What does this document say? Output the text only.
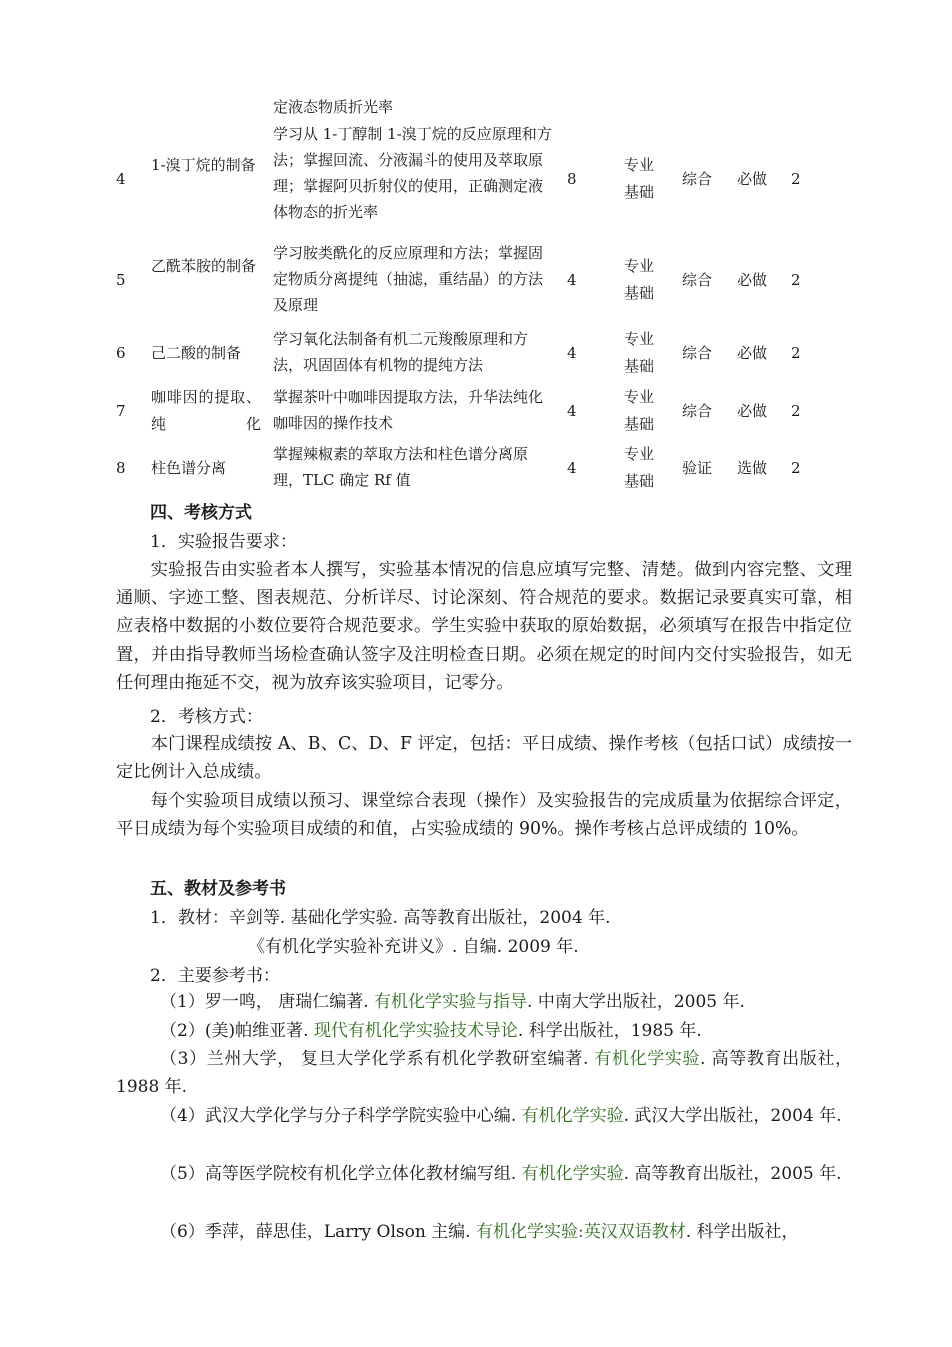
定液态物质折光率
4
1-溴丁烷的制备
学习从 1-丁醇制 1-溴丁烷的反应原理和方法；掌握回流、分液漏斗的使用及萃取原理；掌握阿贝折射仪的使用，正确测定液体物态的折光率
8
专业基础
综合 必做 2
5
乙酰苯胺的制备
学习胺类酰化的反应原理和方法；掌握固定物质分离提纯（抽滤，重结晶）的方法及原理
4
专业基础
综合 必做 2
6 己二酸的制备
学习氧化法制备有机二元羧酸原理和方法，巩固固体有机物的提纯方法
4
专业基础
综合 必做 2
7
咖啡因的提取、纯化
掌握茶叶中咖啡因提取方法，升华法纯化咖啡因的操作技术
4
专业基础
综合 必做 2
8 柱色谱分离
掌握辣椒素的萃取方法和柱色谱分离原理，TLC 确定 Rf 值
4
专业基础
验证 选做 2
四、考核方式
1．实验报告要求：
实验报告由实验者本人撰写，实验基本情况的信息应填写完整、清楚。做到内容完整、文理通顺、字迹工整、图表规范、分析详尽、讨论深刻、符合规范的要求。数据记录要真实可靠，相应表格中数据的小数位要符合规范要求。学生实验中获取的原始数据，必须填写在报告中指定位置，并由指导教师当场检查确认签字及注明检查日期。必须在规定的时间内交付实验报告，如无任何理由拖延不交，视为放弃该实验项目，记零分。
2．考核方式：
本门课程成绩按 A、B、C、D、F 评定，包括：平日成绩、操作考核（包括口试）成绩按一定比例计入总成绩。
每个实验项目成绩以预习、课堂综合表现（操作）及实验报告的完成质量为依据综合评定，平日成绩为每个实验项目成绩的和值，占实验成绩的 90%。操作考核占总评成绩的 10%。
五、教材及参考书
1．教材：辛剑等. 基础化学实验. 高等教育出版社，2004 年.
《有机化学实验补充讲义》. 自编. 2009 年.
2．主要参考书：
（1）罗一鸣， 唐瑞仁编著. 有机化学实验与指导. 中南大学出版社，2005 年.
（2）(美)帕维亚著. 现代有机化学实验技术导论. 科学出版社，1985 年.
（3）兰州大学， 复旦大学化学系有机化学教研室编著. 有机化学实验. 高等教育出版社，1988 年.
（4）武汉大学化学与分子科学学院实验中心编. 有机化学实验. 武汉大学出版社，2004 年.
（5）高等医学院校有机化学立体化教材编写组. 有机化学实验. 高等教育出版社，2005 年.
（6）季萍，薛思佳，Larry Olson 主编. 有机化学实验:英汉双语教材. 科学出版社，
